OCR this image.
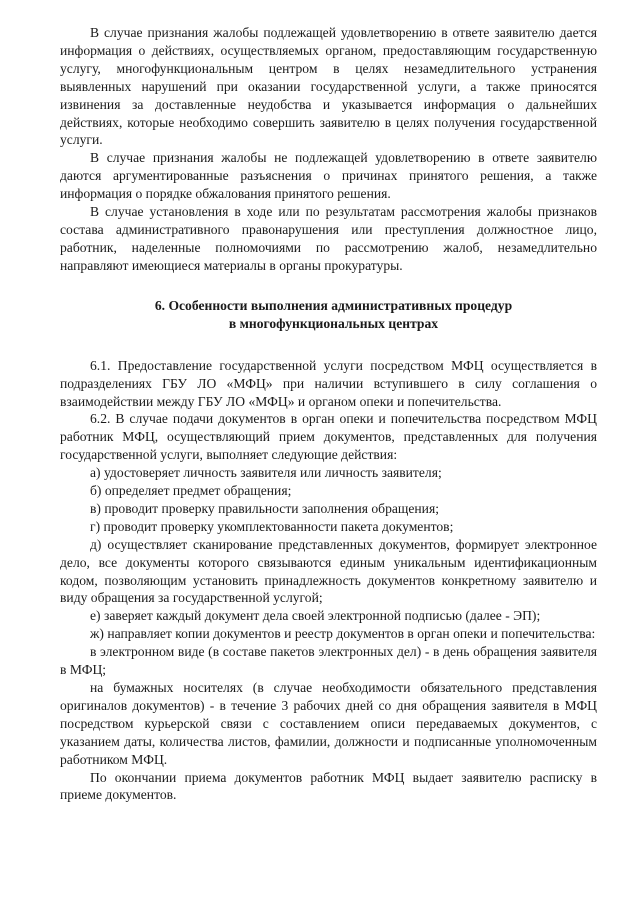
В случае признания жалобы подлежащей удовлетворению в ответе заявителю дается информация о действиях, осуществляемых органом, предоставляющим государственную услугу, многофункциональным центром в целях незамедлительного устранения выявленных нарушений при оказании государственной услуги, а также приносятся извинения за доставленные неудобства и указывается информация о дальнейших действиях, которые необходимо совершить заявителю в целях получения государственной услуги.

В случае признания жалобы не подлежащей удовлетворению в ответе заявителю даются аргументированные разъяснения о причинах принятого решения, а также информация о порядке обжалования принятого решения.

В случае установления в ходе или по результатам рассмотрения жалобы признаков состава административного правонарушения или преступления должностное лицо, работник, наделенные полномочиями по рассмотрению жалоб, незамедлительно направляют имеющиеся материалы в органы прокуратуры.

6. Особенности выполнения административных процедур
в многофункциональных центрах

6.1. Предоставление государственной услуги посредством МФЦ осуществляется в подразделениях ГБУ ЛО «МФЦ» при наличии вступившего в силу соглашения о взаимодействии между ГБУ ЛО «МФЦ» и органом опеки и попечительства.

6.2. В случае подачи документов в орган опеки и попечительства посредством МФЦ работник МФЦ, осуществляющий прием документов, представленных для получения государственной услуги, выполняет следующие действия:

а) удостоверяет личность заявителя или личность заявителя;

б) определяет предмет обращения;

в) проводит проверку правильности заполнения обращения;

г) проводит проверку укомплектованности пакета документов;

д) осуществляет сканирование представленных документов, формирует электронное дело, все документы которого связываются единым уникальным идентификационным кодом, позволяющим установить принадлежность документов конкретному заявителю и виду обращения за государственной услугой;

е) заверяет каждый документ дела своей электронной подписью (далее - ЭП);

ж) направляет копии документов и реестр документов в орган опеки и попечительства:

в электронном виде (в составе пакетов электронных дел) - в день обращения заявителя в МФЦ;

на бумажных носителях (в случае необходимости обязательного представления оригиналов документов) - в течение 3 рабочих дней со дня обращения заявителя в МФЦ посредством курьерской связи с составлением описи передаваемых документов, с указанием даты, количества листов, фамилии, должности и подписанные уполномоченным работником МФЦ.

По окончании приема документов работник МФЦ выдает заявителю расписку в приеме документов.
